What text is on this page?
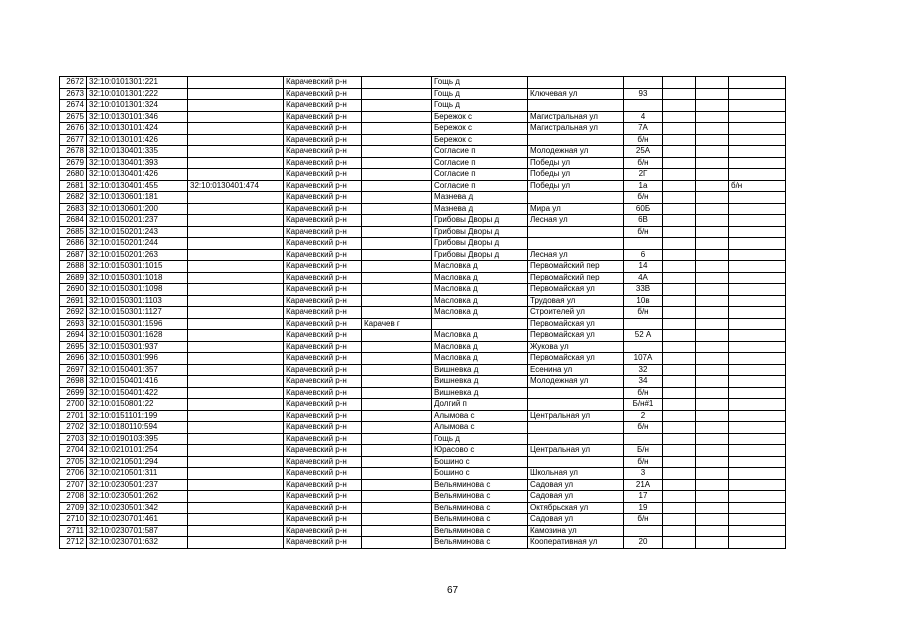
2672	32:10:0101301:221		Карачевский р-н		Гощь д					
2673	32:10:0101301:222		Карачевский р-н		Гощь д	Ключевая ул	93			
2674	32:10:0101301:324		Карачевский р-н		Гощь д					
2675	32:10:0130101:346		Карачевский р-н		Бережок с	Магистральная ул	4			
2676	32:10:0130101:424		Карачевский р-н		Бережок с	Магистральная ул	7А			
2677	32:10:0130101:426		Карачевский р-н		Бережок с		б/н			
2678	32:10:0130401:335		Карачевский р-н		Согласие п	Молодежная ул	25А			
2679	32:10:0130401:393		Карачевский р-н		Согласие п	Победы ул	б/н			
2680	32:10:0130401:426		Карачевский р-н		Согласие п	Победы ул	2Г			
2681	32:10:0130401:455	32:10:0130401:474	Карачевский р-н		Согласие п	Победы ул	1а			б/н
2682	32:10:0130601:181		Карачевский р-н		Мазнева д		б/н			
2683	32:10:0130601:200		Карачевский р-н		Мазнева д	Мира ул	60Б			
2684	32:10:0150201:237		Карачевский р-н		Грибовы Дворы д	Лесная ул	6В			
2685	32:10:0150201:243		Карачевский р-н		Грибовы Дворы д		б/н			
2686	32:10:0150201:244		Карачевский р-н		Грибовы Дворы д					
2687	32:10:0150201:263		Карачевский р-н		Грибовы Дворы д	Лесная ул	6			
2688	32:10:0150301:1015		Карачевский р-н		Масловка д	Первомайский пер	14			
2689	32:10:0150301:1018		Карачевский р-н		Масловка д	Первомайский пер	4А			
2690	32:10:0150301:1098		Карачевский р-н		Масловка д	Первомайская ул	33В			
2691	32:10:0150301:1103		Карачевский р-н		Масловка д	Трудовая ул	10в			
2692	32:10:0150301:1127		Карачевский р-н		Масловка д	Строителей ул	б/н			
2693	32:10:0150301:1596		Карачевский р-н	Карачев г		Первомайская ул				
2694	32:10:0150301:1628		Карачевский р-н		Масловка д	Первомайская ул	52 А			
2695	32:10:0150301:937		Карачевский р-н		Масловка д	Жукова ул				
2696	32:10:0150301:996		Карачевский р-н		Масловка д	Первомайская ул	107А			
2697	32:10:0150401:357		Карачевский р-н		Вишневка д	Есенина ул	32			
2698	32:10:0150401:416		Карачевский р-н		Вишневка д	Молодежная ул	34			
2699	32:10:0150401:422		Карачевский р-н		Вишневка д		б/н			
2700	32:10:0150801:22		Карачевский р-н		Долгий п		Б/н#1			
2701	32:10:0151101:199		Карачевский р-н		Алымова с	Центральная ул	2			
2702	32:10:0180110:594		Карачевский р-н		Алымова с		б/н			
2703	32:10:0190103:395		Карачевский р-н		Гощь д					
2704	32:10:0210101:254		Карачевский р-н		Юрасово с	Центральная ул	Б/н			
2705	32:10:0210501:294		Карачевский р-н		Бошино с		б/н			
2706	32:10:0210501:311		Карачевский р-н		Бошино с	Школьная ул	3			
2707	32:10:0230501:237		Карачевский р-н		Вельяминова с	Садовая ул	21А			
2708	32:10:0230501:262		Карачевский р-н		Вельяминова с	Садовая ул	17			
2709	32:10:0230501:342		Карачевский р-н		Вельяминова с	Октябрьская ул	19			
2710	32:10:0230701:461		Карачевский р-н		Вельяминова с	Садовая ул	б/н			
2711	32:10:0230701:587		Карачевский р-н		Вельяминова с	Камозина ул				
2712	32:10:0230701:632		Карачевский р-н		Вельяминова с	Кооперативная ул	20			
67
